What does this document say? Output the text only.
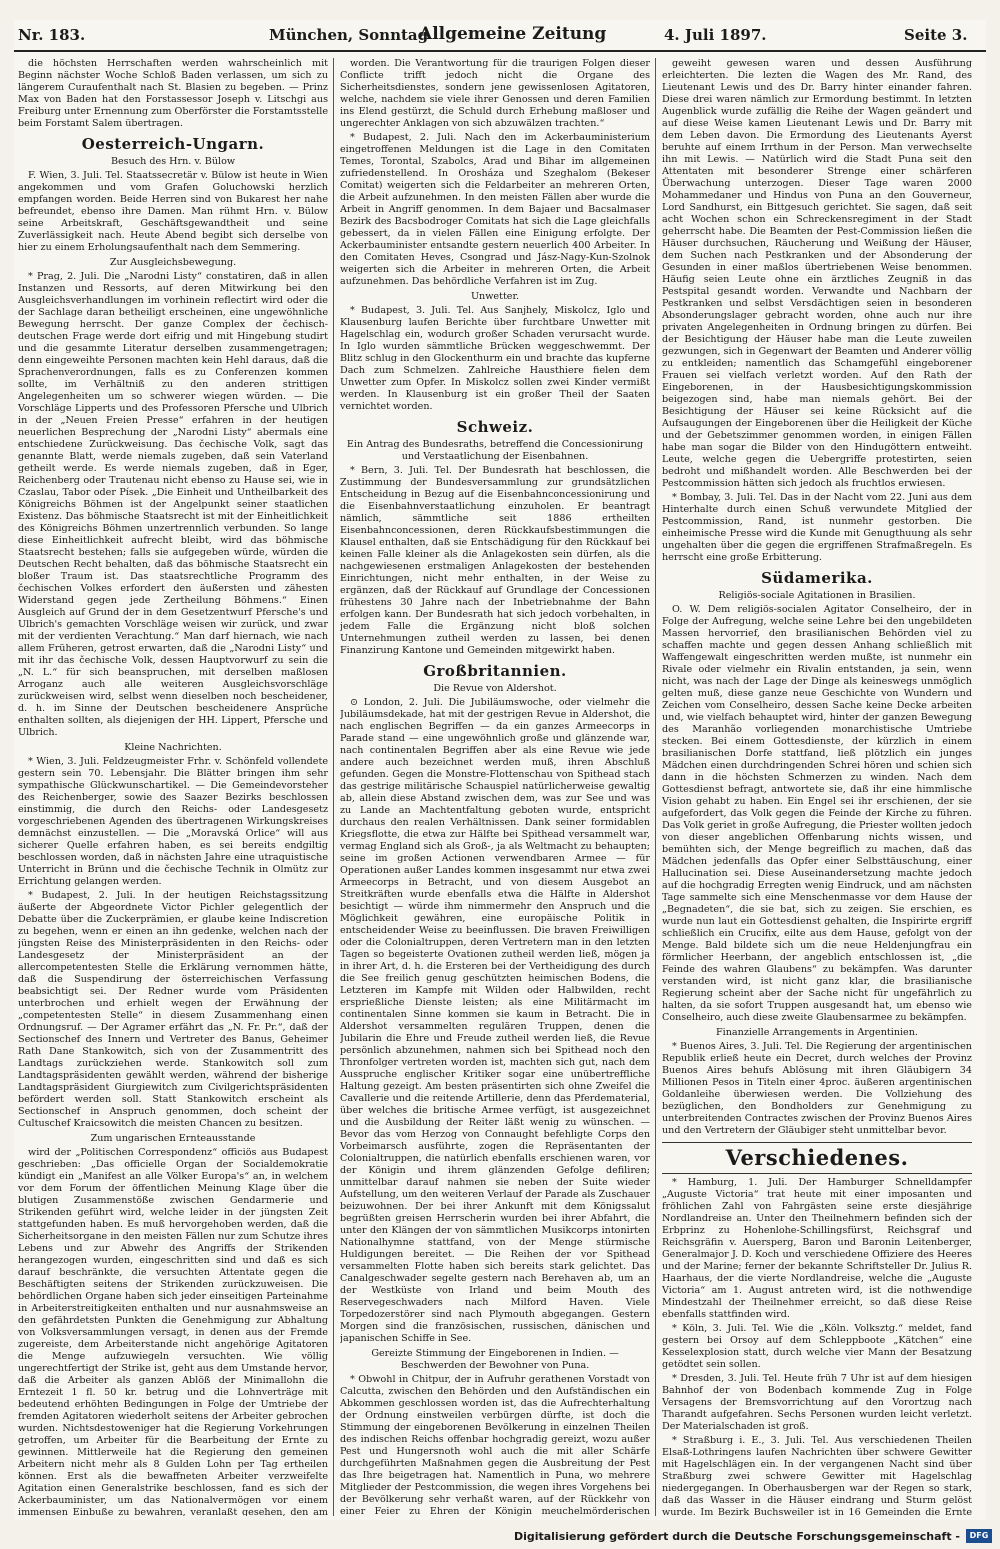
Nr. 183.	München, Sonntag
Allgemeine Zeitung	4. Juli 1897.	Seite 3.

die höchsten Herrschaften werden wahrscheinlich mit Beginn nächster Woche Schloß Baden verlassen, um sich zu längerem Curaufenthalt nach St. Blasien zu begeben. — Prinz Max von Baden hat den Forstassessor Joseph v. Litschgi aus Freiburg unter Ernennung zum Oberförster die Forstamtsstelle beim Forstamt Salem übertragen.

Oesterreich-Ungarn.
Besuch des Hrn. v. Bülow

F. Wien, 3. Juli. Tel. Staatssecretär v. Bülow ist heute in Wien angekommen und vom Grafen Goluchowski herzlich empfangen worden. Beide Herren sind von Bukarest her nahe befreundet, ebenso ihre Damen. Man rühmt Hrn. v. Bülow seine Arbeitskraft, Geschäftsgewandtheit und seine Zuverlässigkeit nach. Heute Abend begibt sich derselbe von hier zu einem Erholungsaufenthalt nach dem Semmering.

Zur Ausgleichsbewegung.

* Prag, 2. Juli. Die „Narodni Listy“ constatiren, daß in allen Instanzen und Ressorts, auf deren Mitwirkung bei den Ausgleichsverhandlungen im vorhinein reflectirt wird oder die der Sachlage daran betheiligt erscheinen, eine ungewöhnliche Bewegung herrscht. Der ganze Complex der čechisch-deutschen Frage werde dort eifrig und mit Hingebung studirt und die gesammte Literatur derselben zusammengetragen; denn eingeweihte Personen machten kein Hehl daraus, daß die Sprachenverordnungen, falls es zu Conferenzen kommen sollte, im Verhältniß zu den anderen strittigen Angelegenheiten um so schwerer wiegen würden. — Die Vorschläge Lipperts und des Professoren Pfersche und Ulbrich in der „Neuen Freien Presse“ erfahren in der heutigen neuerlichen Besprechung der „Narodni Listy“ abermals eine entschiedene Zurückweisung. Das čechische Volk, sagt das genannte Blatt, werde niemals zugeben, daß sein Vaterland getheilt werde. Es werde niemals zugeben, daß in Eger, Reichenberg oder Trautenau nicht ebenso zu Hause sei, wie in Czaslau, Tabor oder Písek. „Die Einheit und Untheilbarkeit des Königreichs Böhmen ist der Angelpunkt seiner staatlichen Existenz. Das böhmische Staatsrecht ist mit der Einheitlichkeit des Königreichs Böhmen unzertrennlich verbunden. So lange diese Einheitlichkeit aufrecht bleibt, wird das böhmische Staatsrecht bestehen; falls sie aufgegeben würde, würden die Deutschen Recht behalten, daß das böhmische Staatsrecht ein bloßer Traum ist. Das staatsrechtliche Programm des čechischen Volkes erfordert den äußersten und zähesten Widerstand gegen jede Zertheilung Böhmens.“ Einen Ausgleich auf Grund der in dem Gesetzentwurf Pfersche's und Ulbrich's gemachten Vorschläge weisen wir zurück, und zwar mit der verdienten Verachtung.“ Man darf hiernach, wie nach allem Früheren, getrost erwarten, daß die „Narodni Listy“ und mit ihr das čechische Volk, dessen Hauptvorwurf zu sein die „N. L.“ für sich beanspruchen, mit derselben maßlosen Arroganz auch alle weiteren Ausgleichsvorschläge zurückweisen wird, selbst wenn dieselben noch bescheidener, d. h. im Sinne der Deutschen bescheidenere Ansprüche enthalten sollten, als diejenigen der HH. Lippert, Pfersche und Ulbrich.

Kleine Nachrichten.

* Wien, 3. Juli. Feldzeugmeister Frhr. v. Schönfeld vollendete gestern sein 70. Lebensjahr. Die Blätter bringen ihm sehr sympathische Glückwunschartikel. — Die Gemeindevorsteher des Reichenberger, sowie des Saazer Bezirks beschlossen einstimmig, die durch den Reichs- oder Landesgesetz vorgeschriebenen Agenden des übertragenen Wirkungskreises demnächst einzustellen. — Die „Moravská Orlice“ will aus sicherer Quelle erfahren haben, es sei bereits endgiltig beschlossen worden, daß in nächsten Jahre eine utraquistische Unterricht in Brünn und die čechische Technik in Olmütz zur Errichtung gelangen werden.

* Budapest, 2. Juli. In der heutigen Reichstagssitzung äußerte der Abgeordnete Victor Pichler gelegentlich der Debatte über die Zuckerprämien, er glaube keine Indiscretion zu begehen, wenn er einen an ihn gedenke, welchen nach der jüngsten Reise des Ministerpräsidenten in den Reichs- oder Landesgesetz der Ministerpräsident an der allercompetentesten Stelle die Erklärung vernommen hätte, daß die Suspendirung der österreichischen Verfassung beabsichtigt sei. Der Redner wurde vom Präsidenten unterbrochen und erhielt wegen der Erwähnung der „competentesten Stelle“ in diesem Zusammenhang einen Ordnungsruf. — Der Agramer erfährt das „N. Fr. Pr.“, daß der Sectionschef des Innern und Vertreter des Banus, Geheimer Rath Dane Stankowitch, sich von der Zusammentritt des Landtags zurückziehen werde. Stankowitch soll zum Landtagspräsidenten gewählt werden, während der bisherige Landtagspräsident Giurgiewitch zum Civilgerichtspräsidenten befördert werden soll. Statt Stankowitch erscheint als Sectionschef in Anspruch genommen, doch scheint der Cultuschef Kraicsowitch die meisten Chancen zu besitzen.

Zum ungarischen Ernteausstande

wird der „Politischen Correspondenz“ officiös aus Budapest geschrieben: „Das officielle Organ der Socialdemokratie kündigt ein „Manifest an alle Völker Europa's“ an, in welchem vor dem Forum der öffentlichen Meinung Klage über die blutigen Zusammenstöße zwischen Gendarmerie und Strikenden geführt wird, welche leider in der jüngsten Zeit stattgefunden haben. Es muß hervorgehoben werden, daß die Sicherheitsorgane in den meisten Fällen nur zum Schutze ihres Lebens und zur Abwehr des Angriffs der Strikenden herangezogen wurden, eingeschritten sind und daß es sich darauf beschränkte, die versuchten Attentate gegen die Beschäftigten seitens der Strikenden zurückzuweisen. Die behördlichen Organe haben sich jeder einseitigen Parteinahme in Arbeiterstreitigkeiten enthalten und nur ausnahmsweise an den gefährdetsten Punkten die Genehmigung zur Abhaltung von Volksversammlungen versagt, in denen aus der Fremde zugereiste, dem Arbeiterstande nicht angehörige Agitatoren die Menge aufzuwiegeln versuchten. Wie völlig ungerechtfertigt der Strike ist, geht aus dem Umstande hervor, daß die Arbeiter als ganzen Ablöß der Minimallohn die Erntezeit 1 fl. 50 kr. betrug und die Lohnverträge mit bedeutend erhöhten Bedingungen in Folge der Umtriebe der fremden Agitatoren wiederholt seitens der Arbeiter gebrochen wurden. Nichtsdestoweniger hat die Regierung Vorkehrungen getroffen, um Arbeiter für die Bearbeitung der Ernte zu gewinnen. Mittlerweile hat die Regierung den gemeinen Arbeitern nicht mehr als 8 Gulden Lohn per Tag ertheilen können. Erst als die bewaffneten Arbeiter verzweifelte Agitation einen Generalstrike beschlossen, fand es sich der Ackerbauminister, um das Nationalvermögen vor einem immensen Einbuße zu bewahren, veranlaßt gesehen, den am

worden. Die Verantwortung für die traurigen Folgen dieser Conflicte trifft jedoch nicht die Organe des Sicherheitsdienstes, sondern jene gewissenlosen Agitatoren, welche, nachdem sie viele ihrer Genossen und deren Familien ins Elend gestürzt, die Schuld durch Erhebung maßloser und ungerechter Anklagen von sich abzuwälzen trachten.“

* Budapest, 2. Juli. Nach den im Ackerbauministerium eingetroffenen Meldungen ist die Lage in den Comitaten Temes, Torontal, Szabolcs, Arad und Bihar im allgemeinen zufriedenstellend. In Orosháza und Szeghalom (Bekeser Comitat) weigerten sich die Feldarbeiter an mehreren Orten, die Arbeit aufzunehmen. In den meisten Fällen aber wurde die Arbeit in Angriff genommen. In dem Bajaer und Bacsalmaser Bezirk des Bacsbodroger Comitats hat sich die Lage gleichfalls gebessert, da in vielen Fällen eine Einigung erfolgte. Der Ackerbauminister entsandte gestern neuerlich 400 Arbeiter. In den Comitaten Heves, Csongrad und Jász-Nagy-Kun-Szolnok weigerten sich die Arbeiter in mehreren Orten, die Arbeit aufzunehmen. Das behördliche Verfahren ist im Zug.

Unwetter.

* Budapest, 3. Juli. Tel. Aus Sanjhely, Miskolcz, Iglo und Klausenburg laufen Berichte über furchtbare Unwetter mit Hagelschlag ein, wodurch großer Schaden verursacht wurde. In Iglo wurden sämmtliche Brücken weggeschwemmt. Der Blitz schlug in den Glockenthurm ein und brachte das kupferne Dach zum Schmelzen. Zahlreiche Hausthiere fielen dem Unwetter zum Opfer. In Miskolcz sollen zwei Kinder vermißt werden. In Klausenburg ist ein großer Theil der Saaten vernichtet worden.

Schweiz.
Ein Antrag des Bundesraths, betreffend die Concessionirung und Verstaatlichung der Eisenbahnen.

* Bern, 3. Juli. Tel. Der Bundesrath hat beschlossen, die Zustimmung der Bundesversammlung zur grundsätzlichen Entscheidung in Bezug auf die Eisenbahnconcessionirung und die Eisenbahnverstaatlichung einzuholen. Er beantragt nämlich, sämmtliche seit 1886 ertheilten Eisenbahnconcessionen, deren Rückkaufsbestimmungen die Klausel enthalten, daß sie Entschädigung für den Rückkauf bei keinen Falle kleiner als die Anlagekosten sein dürfen, als die nachgewiesenen erstmaligen Anlagekosten der bestehenden Einrichtungen, nicht mehr enthalten, in der Weise zu ergänzen, daß der Rückkauf auf Grundlage der Concessionen frühestens 30 Jahre nach der Inbetriebnahme der Bahn erfolgen kann. Der Bundesrath hat sich jedoch vorbehalten, in jedem Falle die Ergänzung nicht bloß solchen Unternehmungen zutheil werden zu lassen, bei denen Finanzirung Kantone und Gemeinden mitgewirkt haben.

Großbritannien.
Die Revue von Aldershot.

⊙ London, 2. Juli. Die Jubiläumswoche, oder vielmehr die Jubiläumsdekade, hat mit der gestrigen Revue in Aldershot, die nach englischen Begriffen — da ein ganzes Armeecorps in Parade stand — eine ungewöhnlich große und glänzende war, nach continentalen Begriffen aber als eine Revue wie jede andere auch bezeichnet werden muß, ihren Abschluß gefunden. Gegen die Monstre-Flottenschau von Spithead stach das gestrige militärische Schauspiel natürlicherweise gewaltig ab, allein diese Abstand zwischen dem, was zur See und was zu Lande an Machtentfaltung geboten wurde, entspricht durchaus den realen Verhältnissen. Dank seiner formidablen Kriegsflotte, die etwa zur Hälfte bei Spithead versammelt war, vermag England sich als Groß-, ja als Weltmacht zu behaupten; seine im großen Actionen verwendbaren Armee — für Operationen außer Landes kommen insgesammt nur etwa zwei Armeecorps in Betracht, und von diesem Ausgebot an Streitkräften wurde ebenfalls etwa die Hälfte in Aldershot besichtigt — würde ihm nimmermehr den Anspruch und die Möglichkeit gewähren, eine europäische Politik in entscheidender Weise zu beeinflussen. Die braven Freiwilligen oder die Colonialtruppen, deren Vertretern man in den letzten Tagen so begeisterte Ovationen zutheil werden ließ, mögen ja in ihrer Art, d. h. die Ersteren bei der Vertheidigung des durch die See freilich genug geschützten heimischen Bodens, die Letzteren im Kampfe mit Wilden oder Halbwilden, recht ersprießliche Dienste leisten; als eine Militärmacht im continentalen Sinne kommen sie kaum in Betracht. Die in Aldershot versammelten regulären Truppen, denen die Jubilarin die Ehre und Freude zutheil werden ließ, die Revue persönlich abzunehmen, nahmen sich bei Spithead noch den Thronfolger vertreten worden ist, machten sich gut, nach dem Ausspruche englischer Kritiker sogar eine unübertreffliche Haltung gezeigt. Am besten präsentirten sich ohne Zweifel die Cavallerie und die reitende Artillerie, denn das Pferdematerial, über welches die britische Armee verfügt, ist ausgezeichnet und die Ausbildung der Reiter läßt wenig zu wünschen. — Bevor das vom Herzog von Connaught befehligte Corps den Vorbeimarsch ausführte, zogen die Repräsentanten der Colonialtruppen, die natürlich ebenfalls erschienen waren, vor der Königin und ihrem glänzenden Gefolge defiliren; unmittelbar darauf nahmen sie neben der Suite wieder Aufstellung, um den weiteren Verlauf der Parade als Zuschauer beizuwohnen. Der bei ihrer Ankunft mit dem Königssalut begrüßten greisen Herrscherin wurden bei ihrer Abfahrt, die unter den Klängen der von sämmtlichen Musikcorps intonirten Nationalhymne stattfand, von der Menge stürmische Huldigungen bereitet. — Die Reihen der vor Spithead versammelten Flotte haben sich bereits stark gelichtet. Das Canalgeschwader segelte gestern nach Berehaven ab, um an der Westküste von Irland und beim Mouth des Reservegeschwaders nach Milford Haven. Viele Torpedozerstörer sind nach Plymouth abgegangen. Gestern Morgen sind die französischen, russischen, dänischen und japanischen Schiffe in See.

Gereizte Stimmung der Eingeborenen in Indien. — Beschwerden der Bewohner von Puna.

* Obwohl in Chitpur, der in Aufruhr gerathenen Vorstadt von Calcutta, zwischen den Behörden und den Aufständischen ein Abkommen geschlossen worden ist, das die Aufrechterhaltung der Ordnung einstweilen verbürgen dürfte, ist doch die Stimmung der eingeborenen Bevölkerung in einzelnen Theilen des indischen Reichs offenbar hochgradig gereizt, wozu außer Pest und Hungersnoth wohl auch die mit aller Schärfe durchgeführten Maßnahmen gegen die Ausbreitung der Pest das Ihre beigetragen hat. Namentlich in Puna, wo mehrere Mitglieder der Pestcommission, die wegen ihres Vorgehens bei der Bevölkerung sehr verhaßt waren, auf der Rückkehr von einer Feier zu Ehren der Königin meuchelmörderischen

geweiht gewesen waren und dessen Ausführung erleichterten. Die lezten die Wagen des Mr. Rand, des Lieutenant Lewis und des Dr. Barry hinter einander fahren. Diese drei waren nämlich zur Ermordung bestimmt. In letzten Augenblick wurde zufällig die Reihe der Wagen geändert und auf diese Weise kamen Lieutenant Lewis und Dr. Barry mit dem Leben davon. Die Ermordung des Lieutenants Ayerst beruhte auf einem Irrthum in der Person. Man verwechselte ihn mit Lewis. — Natürlich wird die Stadt Puna seit den Attentaten mit besonderer Strenge einer schärferen Überwachung unterzogen. Dieser Tage waren 2000 Mohammedaner und Hindus von Puna an den Gouverneur, Lord Sandhurst, ein Bittgesuch gerichtet. Sie sagen, daß seit acht Wochen schon ein Schreckensregiment in der Stadt geherrscht habe. Die Beamten der Pest-Commission ließen die Häuser durchsuchen, Räucherung und Weißung der Häuser, dem Suchen nach Pestkranken und der Absonderung der Gesunden in einer maßlos übertriebenen Weise benommen. Häufig seien Leute ohne ein ärztliches Zeugniß in das Pestspital gesandt worden. Verwandte und Nachbarn der Pestkranken und selbst Versdächtigen seien in besonderen Absonderungslager gebracht worden, ohne auch nur ihre privaten Angelegenheiten in Ordnung bringen zu dürfen. Bei der Besichtigung der Häuser habe man die Leute zuweilen gezwungen, sich in Gegenwart der Beamten und Anderer völlig zu entkleiden; namentlich das Schamgefühl eingeborener Frauen sei vielfach verletzt worden. Auf den Rath der Eingeborenen, in der Hausbesichtigungskommission beigezogen sind, habe man niemals gehört. Bei der Besichtigung der Häuser sei keine Rücksicht auf die Aufsaugungen der Eingeborenen über die Heiligkeit der Küche und der Gebetszimmer genommen worden, in einigen Fällen habe man sogar die Bilder von den Hindugöttern entweiht. Leute, welche gegen die Uebergriffe protestirten, seien bedroht und mißhandelt worden. Alle Beschwerden bei der Pestcommission hätten sich jedoch als fruchtlos erwiesen.

* Bombay, 3. Juli. Tel. Das in der Nacht vom 22. Juni aus dem Hinterhalte durch einen Schuß verwundete Mitglied der Pestcommission, Rand, ist nunmehr gestorben. Die einheimische Presse wird die Kunde mit Genugthuung als sehr ungehalten über die gegen die ergriffenen Strafmaßregeln. Es herrscht eine große Erbitterung.

Südamerika.
Religiös-sociale Agitationen in Brasilien.

O. W. Dem religiös-socialen Agitator Conselheiro, der in Folge der Aufregung, welche seine Lehre bei den ungebildeten Massen hervorrief, den brasilianischen Behörden viel zu schaffen machte und gegen dessen Anhang schließlich mit Waffengewalt eingeschritten werden mußte, ist nunmehr ein Rivale oder vielmehr ein Rivalin entstanden, ja sein, wenn nicht, was nach der Lage der Dinge als keineswegs unmöglich gelten muß, diese ganze neue Geschichte von Wundern und Zeichen vom Conselheiro, dessen Sache keine Decke arbeiten und, wie vielfach behauptet wird, hinter der ganzen Bewegung des Maranhão vorliegenden monarchistische Umtriebe stecken. Bei einem Gottesdienste, der kürzlich in einem brasilianischen Dorfe stattfand, ließ plötzlich ein junges Mädchen einen durchdringenden Schrei hören und schien sich dann in die höchsten Schmerzen zu winden. Nach dem Gottesdienst befragt, antwortete sie, daß ihr eine himmlische Vision gehabt zu haben. Ein Engel sei ihr erschienen, der sie aufgefordert, das Volk gegen die Feinde der Kirche zu führen. Das Volk geriet in große Aufregung, die Priester wollten jedoch von dieser angeblichen Offenbarung nichts wissen, und bemühten sich, der Menge begreiflich zu machen, daß das Mädchen jedenfalls das Opfer einer Selbsttäuschung, einer Hallucination sei. Diese Auseinandersetzung machte jedoch auf die hochgradig Erregten wenig Eindruck, und am nächsten Tage sammelte sich eine Menschenmasse vor dem Hause der „Begnadeten“, die sie bat, sich zu zeigen. Sie erschien, es wurde nun laut ein Gottesdienst gehalten, die Inspirirte ergriff schließlich ein Crucifix, eilte aus dem Hause, gefolgt von der Menge. Bald bildete sich um die neue Heldenjungfrau ein förmlicher Heerbann, der angeblich entschlossen ist, „die Feinde des wahren Glaubens“ zu bekämpfen. Was darunter verstanden wird, ist nicht ganz klar, die brasilianische Regierung scheint aber der Sache nicht für ungefährlich zu halten, da sie sofort Truppen ausgesandt hat, um ebenso wie Conselheiro, auch diese zweite Glaubensarmee zu bekämpfen.

Finanzielle Arrangements in Argentinien.

* Buenos Aires, 3. Juli. Tel. Die Regierung der argentinischen Republik erließ heute ein Decret, durch welches der Provinz Buenos Aires behufs Ablösung mit ihren Gläubigern 34 Millionen Pesos in Titeln einer 4proc. äußeren argentinischen Goldanleihe überwiesen werden. Die Vollziehung des bezüglichen, den Bondholders zur Genehmigung zu unterbreitenden Contractes zwischen der Provinz Buenos Aires und den Vertretern der Gläubiger steht unmittelbar bevor.

Verschiedenes.

* Hamburg, 1. Juli. Der Hamburger Schnelldampfer „Auguste Victoria“ trat heute mit einer imposanten und fröhlichen Zahl von Fahrgästen seine erste diesjährige Nordlandreise an. Unter den Theilnehmern befinden sich der Erbprinz zu Hohenlohe-Schillingsfürst, Reichsgraf und Reichsgräfin v. Auersperg, Baron und Baronin Leitenberger, Generalmajor J. D. Koch und verschiedene Offiziere des Heeres und der Marine; ferner der bekannte Schriftsteller Dr. Julius R. Haarhaus, der die vierte Nordlandreise, welche die „Auguste Victoria“ am 1. August antreten wird, ist die nothwendige Mindestzahl der Theilnehmer erreicht, so daß diese Reise ebenfalls stattfinden wird.

* Köln, 3. Juli. Tel. Wie die „Köln. Volksztg.“ meldet, fand gestern bei Orsoy auf dem Schleppboote „Kätchen“ eine Kesselexplosion statt, durch welche vier Mann der Besatzung getödtet sein sollen.

* Dresden, 3. Juli. Tel. Heute früh 7 Uhr ist auf dem hiesigen Bahnhof der von Bodenbach kommende Zug in Folge Versagens der Bremsvorrichtung auf den Vorortzug nach Tharandt aufgefahren. Sechs Personen wurden leicht verletzt. Der Materialschaden ist groß.

* Straßburg i. E., 3. Juli. Tel. Aus verschiedenen Theilen Elsaß-Lothringens laufen Nachrichten über schwere Gewitter mit Hagelschlägen ein. In der vergangenen Nacht sind über Straßburg zwei schwere Gewitter mit Hagelschlag niedergegangen. In Oberhausbergen war der Regen so stark, daß das Wasser in die Häuser eindrang und Sturm gelöst wurde. Im Bezirk Buchsweiler ist in 16 Gemeinden die Ernte

Digitalisierung gefördert durch die Deutsche Forschungsgemeinschaft -	DFG
